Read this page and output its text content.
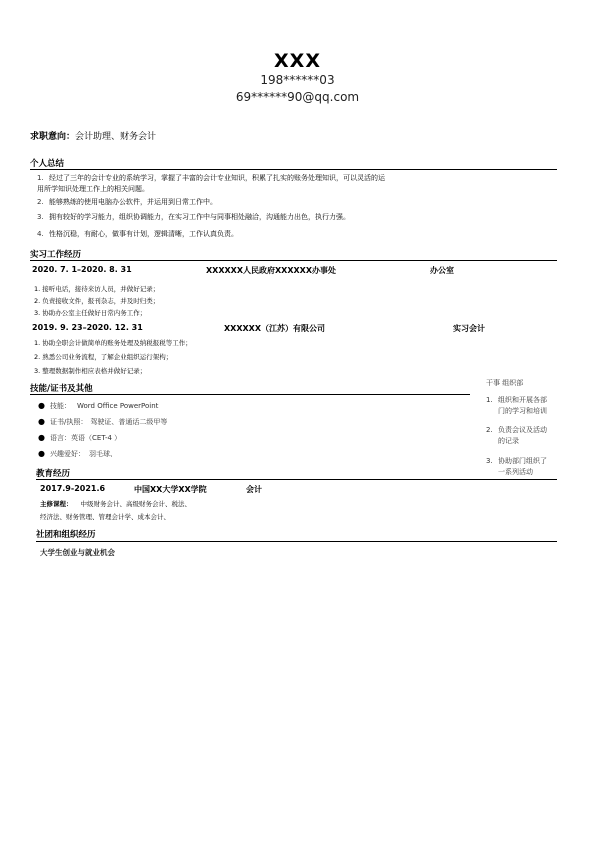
XXX
198******03
69******90@qq.com
求职意向：会计助理、财务会计
个人总结
1. 经过了三年的会计专业的系统学习，掌握了丰富的会计专业知识，积累了扎实的账务处理知识，可以灵活的运
用所学知识处理工作上的相关问题。
2. 能够熟练的使用电脑办公软件，并运用到日常工作中。
3. 拥有较好的学习能力，组织协调能力，在实习工作中与同事相处融洽，沟通能力出色，执行力强。
4. 性格沉稳，有耐心，做事有计划，逻辑清晰，工作认真负责。
实习工作经历
2020. 7. 1–2020. 8. 31	XXXXXX人民政府XXXXXX办事处	办公室
1. 接听电话，接待来访人员，并做好记录；
2. 负责接收文件，报刊杂志，并及时归类；
3. 协助办公室主任做好日常内务工作；
2019. 9. 23–2020. 12. 31	XXXXXX（江苏）有限公司	实习会计
1. 协助全职会计做简单的账务处理及纳税报税等工作；
2. 熟悉公司业务流程，了解企业组织运行架构；
3. 整理数据制作相应表格并做好记录；
技能/证书及其他
● 技能： Word Office PowerPoint
● 证书/执照： 驾驶证、普通话二级甲等
● 语言：英语（CET-4 ）
● 兴趣爱好： 羽毛球、
干事 组织部
1. 组织和开展各部
门的学习和培训
2. 负责会议及活动
的记录
3. 协助部门组织了
一系列活动
教育经历
2017.9-2021.6	中国XX大学XX学院	会计
主修课程： 中级财务会计、高级财务会计、税法、
经济法、财务管理、管理会计学、成本会计、
社团和组织经历
大学生创业与就业机会
